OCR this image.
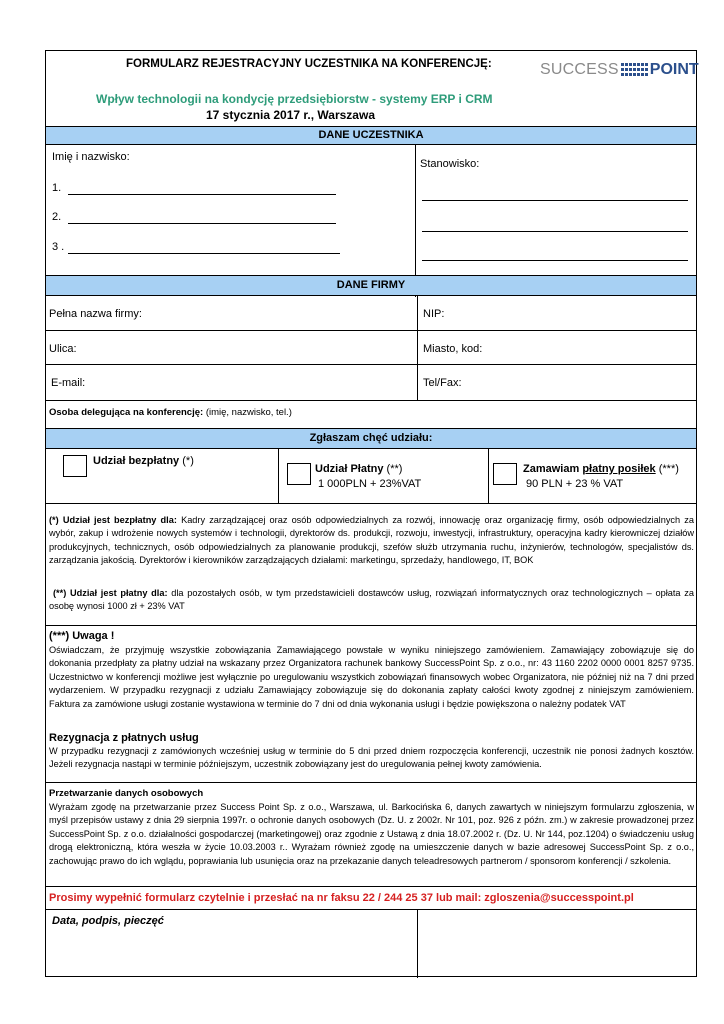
FORMULARZ REJESTRACYJNY UCZESTNIKA NA KONFERENCJĘ:	SUCCESS POINT
Wpływ technologii na kondycję przedsiębiorstw - systemy ERP i CRM
17 stycznia 2017 r., Warszawa
DANE UCZESTNIKA
Imię i nazwisko:
1.
2.
3 .
Stanowisko:
DANE FIRMY
Pełna nazwa firmy:	NIP:
Ulica:	Miasto, kod:
E-mail:	Tel/Fax:
Osoba delegująca na konferencję: (imię, nazwisko, tel.)
Zgłaszam chęć udziału:
Udział bezpłatny (*)
Udział Płatny (**)
1 000PLN + 23%VAT
Zamawiam płatny posiłek (***)
90 PLN + 23 % VAT
(*) Udział jest bezpłatny dla: Kadry zarządzającej oraz osób odpowiedzialnych za rozwój, innowację oraz organizację firmy, osób odpowiedzialnych za wybór, zakup i wdrożenie nowych systemów i technologii, dyrektorów ds. produkcji, rozwoju, inwestycji, infrastruktury, operacyjna kadry kierowniczej działów produkcyjnych, technicznych, osób odpowiedzialnych za planowanie produkcji, szefów służb utrzymania ruchu, inżynierów, technologów, specjalistów ds. zarządzania jakością. Dyrektorów i kierowników zarządzających działami: marketingu, sprzedaży, handlowego, IT, BOK
(**) Udział jest płatny dla: dla pozostałych osób, w tym przedstawicieli dostawców usług, rozwiązań informatycznych oraz technologicznych – opłata za osobę wynosi 1000 zł + 23% VAT
(***) Uwaga !
Oświadczam, że przyjmuję wszystkie zobowiązania Zamawiającego powstałe w wyniku niniejszego zamówieniem. Zamawiający zobowiązuje się do dokonania przedpłaty za płatny udział na wskazany przez Organizatora rachunek bankowy SuccessPoint Sp. z o.o., nr: 43 1160 2202 0000 0001 8257 9735. Uczestnictwo w konferencji możliwe jest wyłącznie po uregulowaniu wszystkich zobowiązań finansowych wobec Organizatora, nie później niż na 7 dni przed wydarzeniem. W przypadku rezygnacji z udziału Zamawiający zobowiązuje się do dokonania zapłaty całości kwoty zgodnej z niniejszym zamówieniem. Faktura za zamówione usługi zostanie wystawiona w terminie do 7 dni od dnia wykonania usługi i będzie powiększona o należny podatek VAT
Rezygnacja z płatnych usług
W przypadku rezygnacji z zamówionych wcześniej usług w terminie do 5 dni przed dniem rozpoczęcia konferencji, uczestnik nie ponosi żadnych kosztów. Jeżeli rezygnacja nastąpi w terminie późniejszym, uczestnik zobowiązany jest do uregulowania pełnej kwoty zamówienia.
Przetwarzanie danych osobowych
Wyrażam zgodę na przetwarzanie przez Success Point Sp. z o.o., Warszawa, ul. Barkocińska 6, danych zawartych w niniejszym formularzu zgłoszenia, w myśl przepisów ustawy z dnia 29 sierpnia 1997r. o ochronie danych osobowych (Dz. U. z 2002r. Nr 101, poz. 926 z późn. zm.) w zakresie prowadzonej przez SuccessPoint Sp. z o.o. działalności gospodarczej (marketingowej) oraz zgodnie z Ustawą z dnia 18.07.2002 r. (Dz. U. Nr 144, poz.1204) o świadczeniu usług drogą elektroniczną, która weszła w życie 10.03.2003 r.. Wyrażam również zgodę na umieszczenie danych w bazie adresowej SuccessPoint Sp. z o.o., zachowując prawo do ich wglądu, poprawiania lub usunięcia oraz na przekazanie danych teleadresowych partnerom / sponsorom konferencji / szkolenia.
Prosimy wypełnić formularz czytelnie i przesłać na nr faksu 22 / 244 25 37 lub mail: zgloszenia@successpoint.pl
Data, podpis, pieczęć
